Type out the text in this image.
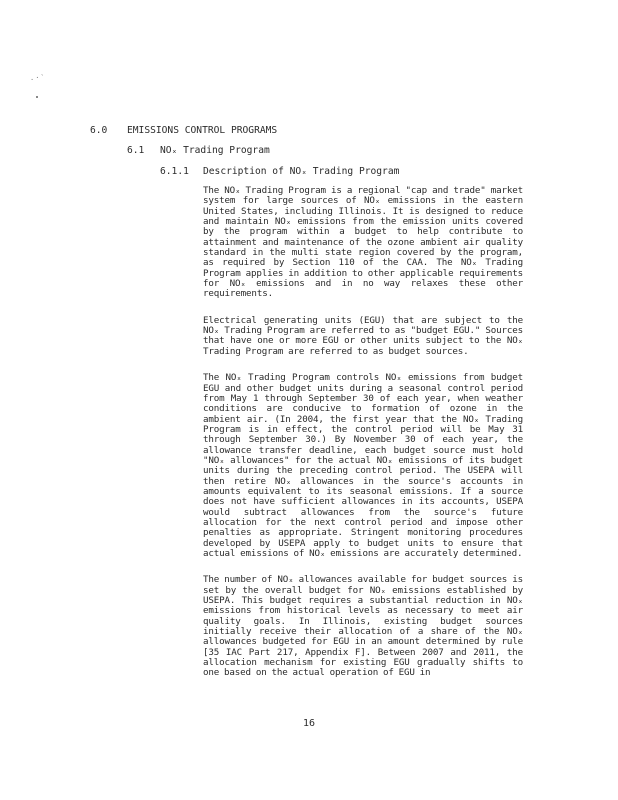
.·`
6.0 EMISSIONS CONTROL PROGRAMS
6.1 NOₓ Trading Program
6.1.1 Description of NOₓ Trading Program

The NOₓ Trading Program is a regional "cap and trade" market system for large sources of NOₓ emissions in the eastern United States, including Illinois. It is designed to reduce and maintain NOₓ emissions from the emission units covered by the program within a budget to help contribute to attainment and maintenance of the ozone ambient air quality standard in the multi state region covered by the program, as required by Section 110 of the CAA. The NOₓ Trading Program applies in addition to other applicable requirements for NOₓ emissions and in no way relaxes these other requirements.

Electrical generating units (EGU) that are subject to the NOₓ Trading Program are referred to as "budget EGU." Sources that have one or more EGU or other units subject to the NOₓ Trading Program are referred to as budget sources.

The NOₓ Trading Program controls NOₓ emissions from budget EGU and other budget units during a seasonal control period from May 1 through September 30 of each year, when weather conditions are conducive to formation of ozone in the ambient air. (In 2004, the first year that the NOₓ Trading Program is in effect, the control period will be May 31 through September 30.) By November 30 of each year, the allowance transfer deadline, each budget source must hold "NOₓ allowances" for the actual NOₓ emissions of its budget units during the preceding control period. The USEPA will then retire NOₓ allowances in the source's accounts in amounts equivalent to its seasonal emissions. If a source does not have sufficient allowances in its accounts, USEPA would subtract allowances from the source's future allocation for the next control period and impose other penalties as appropriate. Stringent monitoring procedures developed by USEPA apply to budget units to ensure that actual emissions of NOₓ emissions are accurately determined.

The number of NOₓ allowances available for budget sources is set by the overall budget for NOₓ emissions established by USEPA. This budget requires a substantial reduction in NOₓ emissions from historical levels as necessary to meet air quality goals. In Illinois, existing budget sources initially receive their allocation of a share of the NOₓ allowances budgeted for EGU in an amount determined by rule [35 IAC Part 217, Appendix F]. Between 2007 and 2011, the allocation mechanism for existing EGU gradually shifts to one based on the actual operation of EGU in

16
